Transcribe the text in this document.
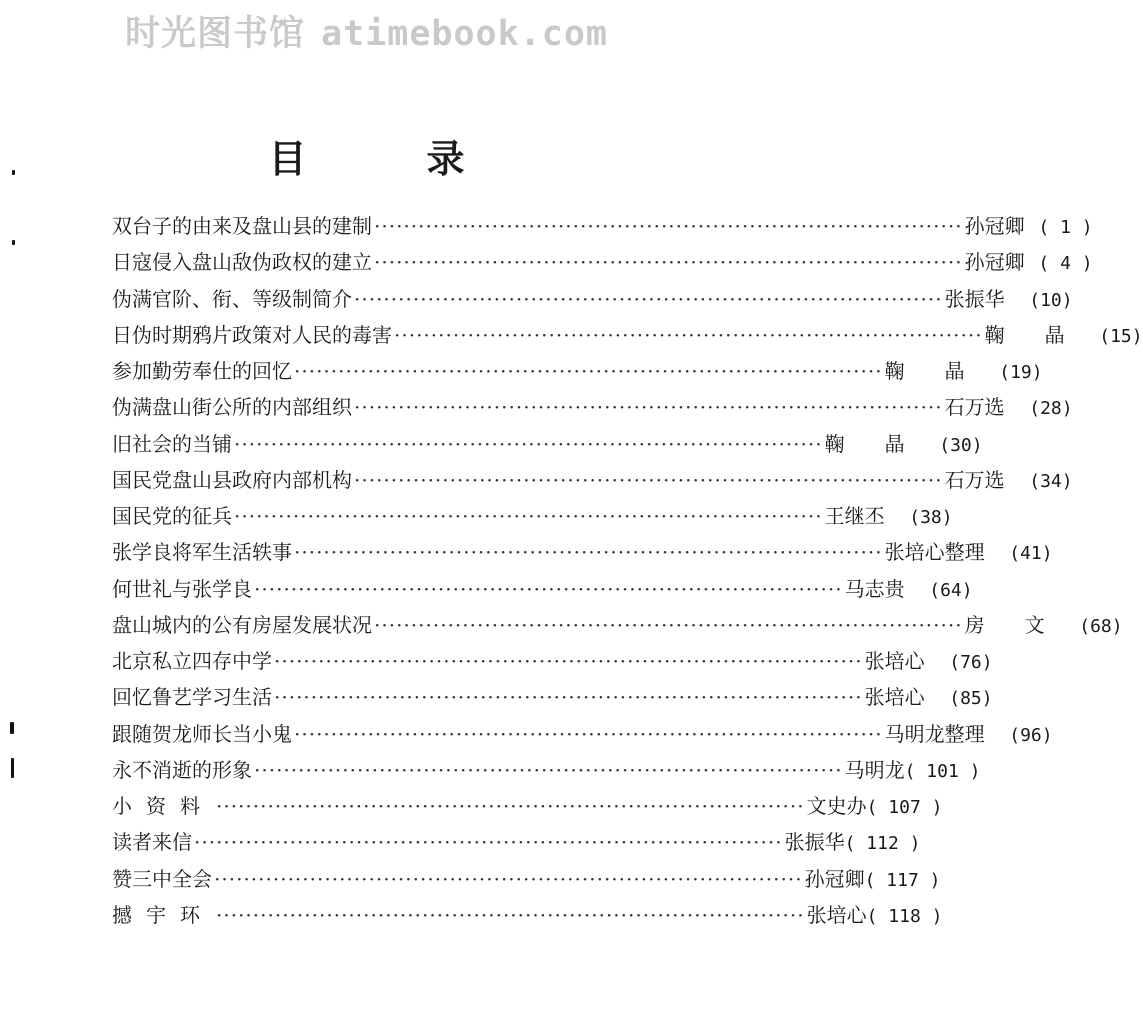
时光图书馆 atimebook.com
目录
双台子的由来及盘山县的建制 ················································································ 孙冠卿 ( 1 )
日寇侵入盘山敌伪政权的建立 ················································································ 孙冠卿 ( 4 )
伪满官阶、衔、等级制简介 ················································································ 张振华	(10)
日伪时期鸦片政策对人民的毒害 ················································································ 鞠　晶	(15)
参加勤劳奉仕的回忆 ················································································ 鞠　晶	(19)
伪满盘山街公所的内部组织 ················································································ 石万选	(28)
旧社会的当铺 ················································································ 鞠　晶	(30)
国民党盘山县政府内部机构 ················································································ 石万选	(34)
国民党的征兵 ················································································ 王继丕	(38)
张学良将军生活轶事 ················································································ 张培心整理	(41)
何世礼与张学良 ················································································ 马志贵	(64)
盘山城内的公有房屋发展状况 ················································································ 房　文	(68)
北京私立四存中学 ················································································ 张培心	(76)
回忆鲁艺学习生活 ················································································ 张培心	(85)
跟随贺龙师长当小鬼 ················································································ 马明龙整理	(96)
永不消逝的形象 ················································································ 马明龙 ( 101 )
小资料 ················································································ 文史办 ( 107 )
读者来信 ················································································ 张振华 ( 112 )
赞三中全会 ················································································ 孙冠卿 ( 117 )
撼宇环 ················································································ 张培心 ( 118 )
